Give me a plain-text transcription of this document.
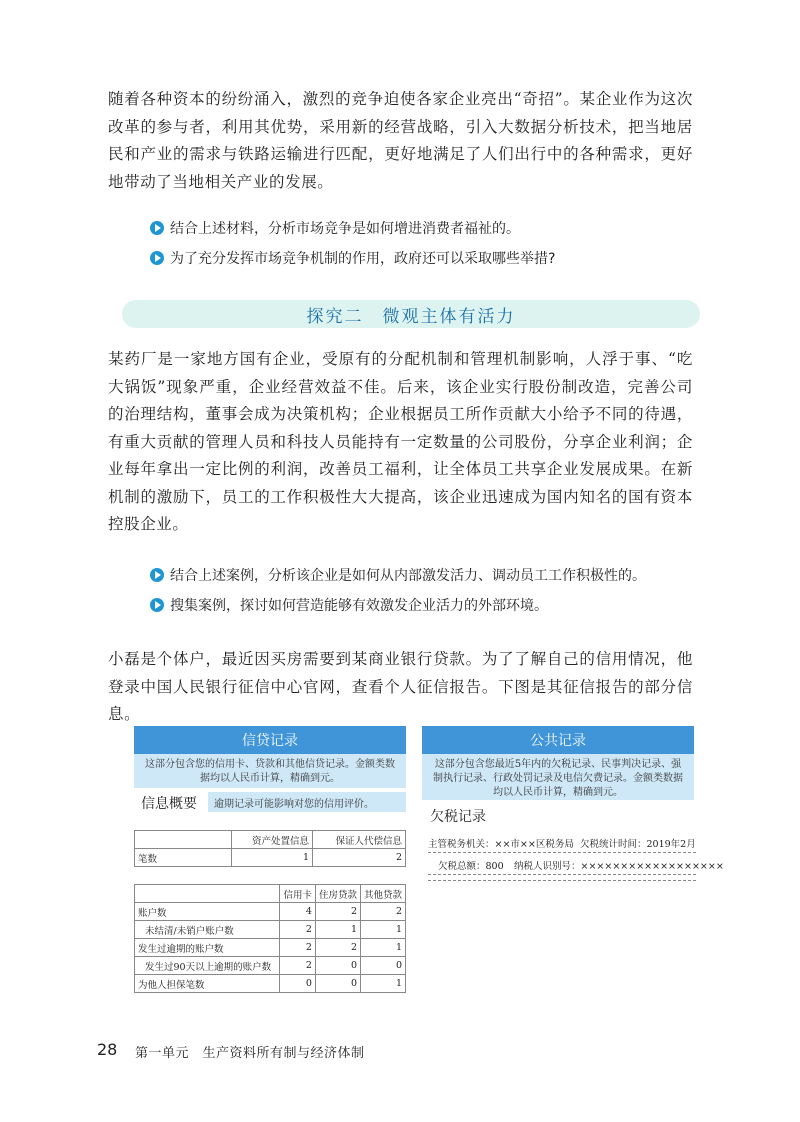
随着各种资本的纷纷涌入，激烈的竞争迫使各家企业亮出“奇招”。某企业作为这次改革的参与者，利用其优势，采用新的经营战略，引入大数据分析技术，把当地居民和产业的需求与铁路运输进行匹配，更好地满足了人们出行中的各种需求，更好地带动了当地相关产业的发展。

结合上述材料，分析市场竞争是如何增进消费者福祉的。
为了充分发挥市场竞争机制的作用，政府还可以采取哪些举措?
探究二　微观主体有活力

某药厂是一家地方国有企业，受原有的分配机制和管理机制影响，人浮于事、“吃大锅饭”现象严重，企业经营效益不佳。后来，该企业实行股份制改造，完善公司的治理结构，董事会成为决策机构；企业根据员工所作贡献大小给予不同的待遇，有重大贡献的管理人员和科技人员能持有一定数量的公司股份，分享企业利润；企业每年拿出一定比例的利润，改善员工福利，让全体员工共享企业发展成果。在新机制的激励下，员工的工作积极性大大提高，该企业迅速成为国内知名的国有资本控股企业。

结合上述案例，分析该企业是如何从内部激发活力、调动员工工作积极性的。
搜集案例，探讨如何营造能够有效激发企业活力的外部环境。

小磊是个体户，最近因买房需要到某商业银行贷款。为了了解自己的信用情况，他登录中国人民银行征信中心官网，查看个人征信报告。下图是其征信报告的部分信息。

信贷记录
这部分包含您的信用卡、贷款和其他信贷记录。金额类数据均以人民币计算，精确到元。
信息概要	逾期记录可能影响对您的信用评价。
	资产处置信息	保证人代偿信息
笔数	1	2
	信用卡	住房贷款	其他贷款
账户数	4	2	2
未结清/未销户账户数	2	1	1
发生过逾期的账户数	2	2	1
发生过90天以上逾期的账户数	2	0	0
为他人担保笔数	0	0	1
公共记录
这部分包含您最近5年内的欠税记录、民事判决记录、强制执行记录、行政处罚记录及电信欠费记录。金额类数据均以人民币计算，精确到元。
欠税记录
主管税务机关：××市××区税务局 欠税统计时间：2019年2月
欠税总额：800 纳税人识别号：××××××××××××××××××
28 第一单元　生产资料所有制与经济体制
